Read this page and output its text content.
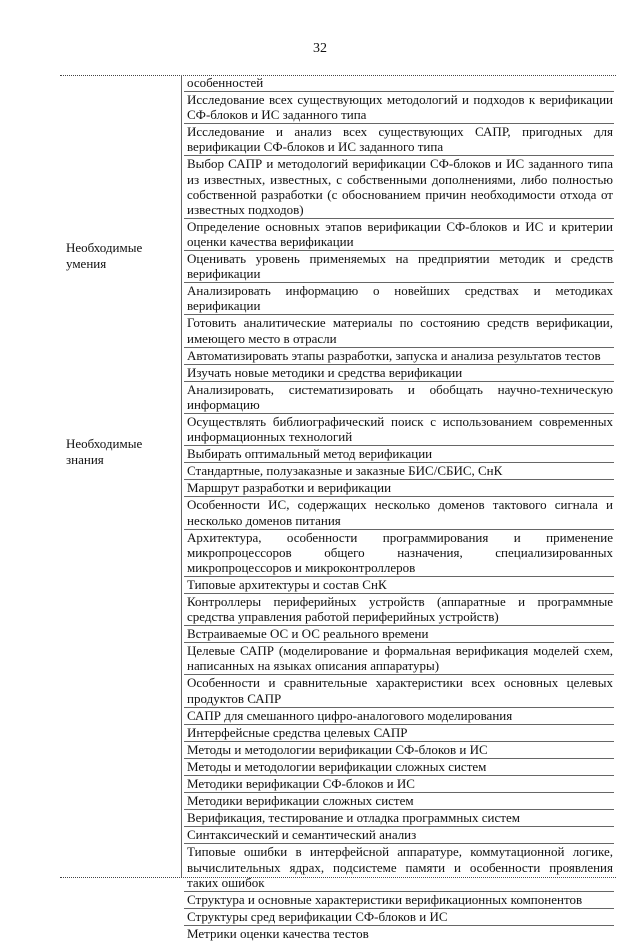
32
Необходимые умения
Необходимые знания
особенностей
Исследование всех существующих методологий и подходов к верификации СФ-блоков и ИС заданного типа
Исследование и анализ всех существующих САПР, пригодных для верификации СФ-блоков и ИС заданного типа
Выбор САПР и методологий верификации СФ-блоков и ИС заданного типа из известных, известных, с собственными дополнениями, либо полностью собственной разработки (с обоснованием причин необходимости отхода от известных подходов)
Определение основных этапов верификации СФ-блоков и ИС и критерии оценки качества верификации
Оценивать уровень применяемых на предприятии методик и средств верификации
Анализировать информацию о новейших средствах и методиках верификации
Готовить аналитические материалы по состоянию средств верификации, имеющего место в отрасли
Автоматизировать этапы разработки, запуска и анализа результатов тестов
Изучать новые методики и средства верификации
Анализировать, систематизировать и обобщать научно-техническую информацию
Осуществлять библиографический поиск с использованием современных информационных технологий
Выбирать оптимальный метод верификации
Стандартные, полузаказные и заказные БИС/СБИС, СнК
Маршрут разработки и верификации
Особенности ИС, содержащих несколько доменов тактового сигнала и несколько доменов питания
Архитектура, особенности программирования и применение микропроцессоров общего назначения, специализированных микропроцессоров и микроконтроллеров
Типовые архитектуры и состав СнК
Контроллеры периферийных устройств (аппаратные и программные средства управления работой периферийных устройств)
Встраиваемые ОС и ОС реального времени
Целевые САПР (моделирование и формальная верификация моделей схем, написанных на языках описания аппаратуры)
Особенности и сравнительные характеристики всех основных целевых продуктов САПР
САПР для смешанного цифро-аналогового моделирования
Интерфейсные средства целевых САПР
Методы и методологии верификации СФ-блоков и ИС
Методы и методологии верификации сложных систем
Методики верификации СФ-блоков и ИС
Методики верификации сложных систем
Верификация, тестирование и отладка программных систем
Синтаксический и семантический анализ
Типовые ошибки в интерфейсной аппаратуре, коммутационной логике, вычислительных ядрах, подсистеме памяти и особенности проявления таких ошибок
Структура и основные характеристики верификационных компонентов
Структуры сред верификации СФ-блоков и ИС
Метрики оценки качества тестов
